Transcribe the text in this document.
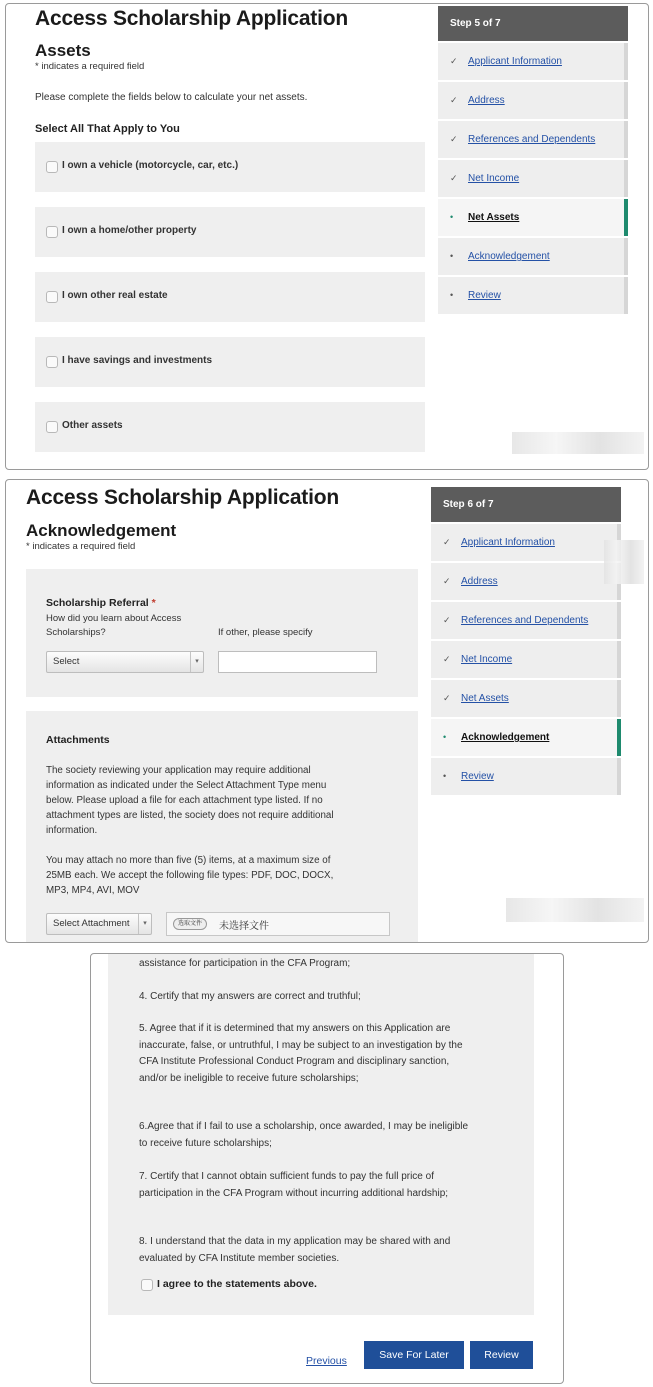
Access Scholarship Application
Assets
* indicates a required field
Please complete the fields below to calculate your net assets.
Select All That Apply to You
I own a vehicle (motorcycle, car, etc.)
I own a home/other property
I own other real estate
I have savings and investments
Other assets
Step 5 of 7
✓ Applicant Information
✓ Address
✓ References and Dependents
✓ Net Income
•	Net Assets
•	Acknowledgement
•	Review
Access Scholarship Application
Acknowledgement
* indicates a required field
Scholarship Referral *
How did you learn about Access Scholarships?	If other, please specify
Select	▾
Attachments
The society reviewing your application may require additional information as indicated under the Select Attachment Type menu below. Please upload a file for each attachment type listed. If no attachment types are listed, the society does not require additional information.
You may attach no more than five (5) items, at a maximum size of 25MB each. We accept the following file types: PDF, DOC, DOCX, MP3, MP4, AVI, MOV
Select Attachment	▾	选取文件	未选择文件
Step 6 of 7
✓ Applicant Information
✓ Address
✓ References and Dependents
✓ Net Income
✓ Net Assets
•	Acknowledgement
•	Review
assistance for participation in the CFA Program;
4. Certify that my answers are correct and truthful;
5. Agree that if it is determined that my answers on this Application are inaccurate, false, or untruthful, I may be subject to an investigation by the CFA Institute Professional Conduct Program and disciplinary sanction, and/or be ineligible to receive future scholarships;
6.Agree that if I fail to use a scholarship, once awarded, I may be ineligible to receive future scholarships;
7. Certify that I cannot obtain sufficient funds to pay the full price of participation in the CFA Program without incurring additional hardship;
8. I understand that the data in my application may be shared with and evaluated by CFA Institute member societies.
I agree to the statements above.
Previous	Save For Later	Review
